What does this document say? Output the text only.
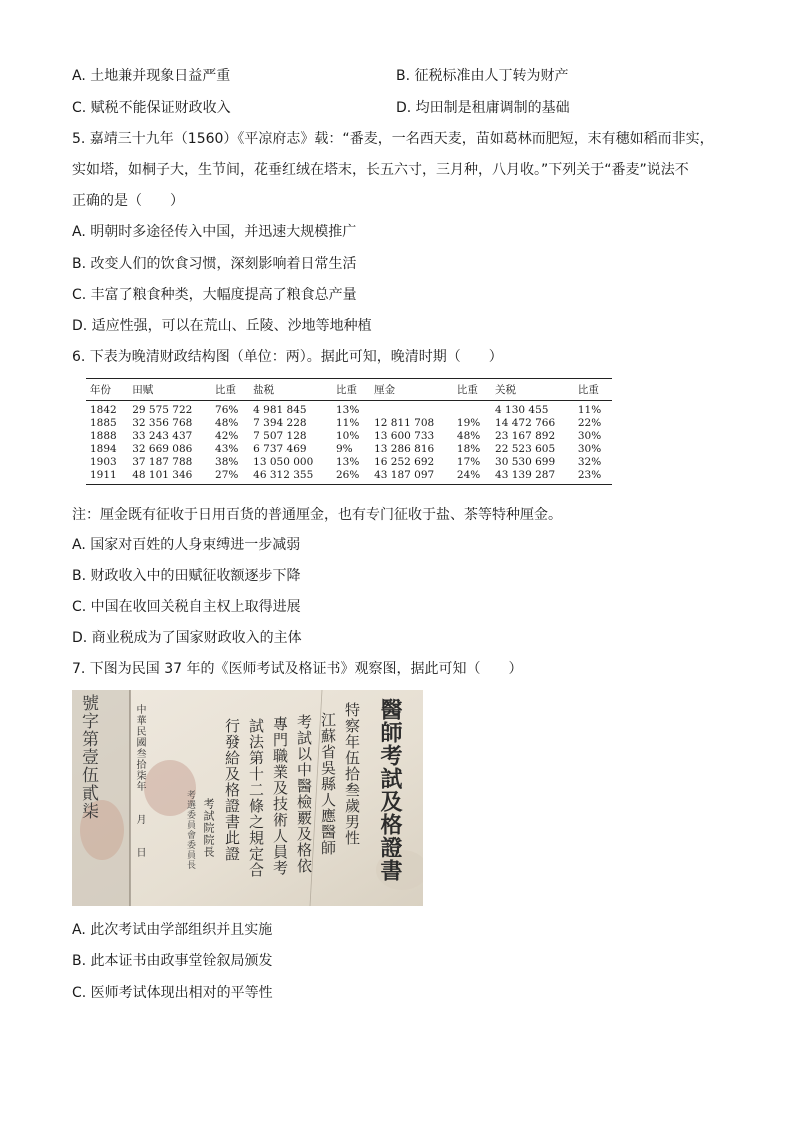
A. 土地兼并现象日益严重	B. 征税标准由人丁转为财产
C. 赋税不能保证财政收入	D. 均田制是租庸调制的基础
5. 嘉靖三十九年（1560）《平凉府志》载：“番麦，一名西天麦，苗如葛林而肥短，末有穗如稻而非实，
实如塔，如桐子大，生节间，花垂红绒在塔末，长五六寸，三月种，八月收。”下列关于“番麦”说法不
正确的是（　　）
A. 明朝时多途径传入中国，并迅速大规模推广
B. 改变人们的饮食习惯，深刻影响着日常生活
C. 丰富了粮食种类，大幅度提高了粮食总产量
D. 适应性强，可以在荒山、丘陵、沙地等地种植
6. 下表为晚清财政结构图（单位：两）。据此可知，晚清时期（　　）
年份	田赋	比重	盐税	比重	厘金	比重	关税	比重
1842	29 575 722	76%	4 981 845	13%			4 130 455	11%
1885	32 356 768	48%	7 394 228	11%	12 811 708	19%	14 472 766	22%
1888	33 243 437	42%	7 507 128	10%	13 600 733	48%	23 167 892	30%
1894	32 669 086	43%	6 737 469	9%	13 286 816	18%	22 523 605	30%
1903	37 187 788	38%	13 050 000	13%	16 252 692	17%	30 530 699	32%
1911	48 101 346	27%	46 312 355	26%	43 187 097	24%	43 139 287	23%
注：厘金既有征收于日用百货的普通厘金，也有专门征收于盐、茶等特种厘金。
A. 国家对百姓的人身束缚进一步减弱
B. 财政收入中的田赋征收额逐步下降
C. 中国在收回关税自主权上取得进展
D. 商业税成为了国家财政收入的主体
7. 下图为民国 37 年的《医师考试及格证书》观察图，据此可知（　　）
醫師考試及格證書
特察年伍拾叁歲男性
江蘇省吳縣人應醫師
考試以中醫檢覈及格依
專門職業及技術人員考
試法第十二條之規定合
行發給及格證書此證
考試院院長
考選委員會委員長
中華民國叁拾柒年　　月　　日
號字第壹伍貳柒
A. 此次考试由学部组织并且实施
B. 此本证书由政事堂铨叙局颁发
C. 医师考试体现出相对的平等性
